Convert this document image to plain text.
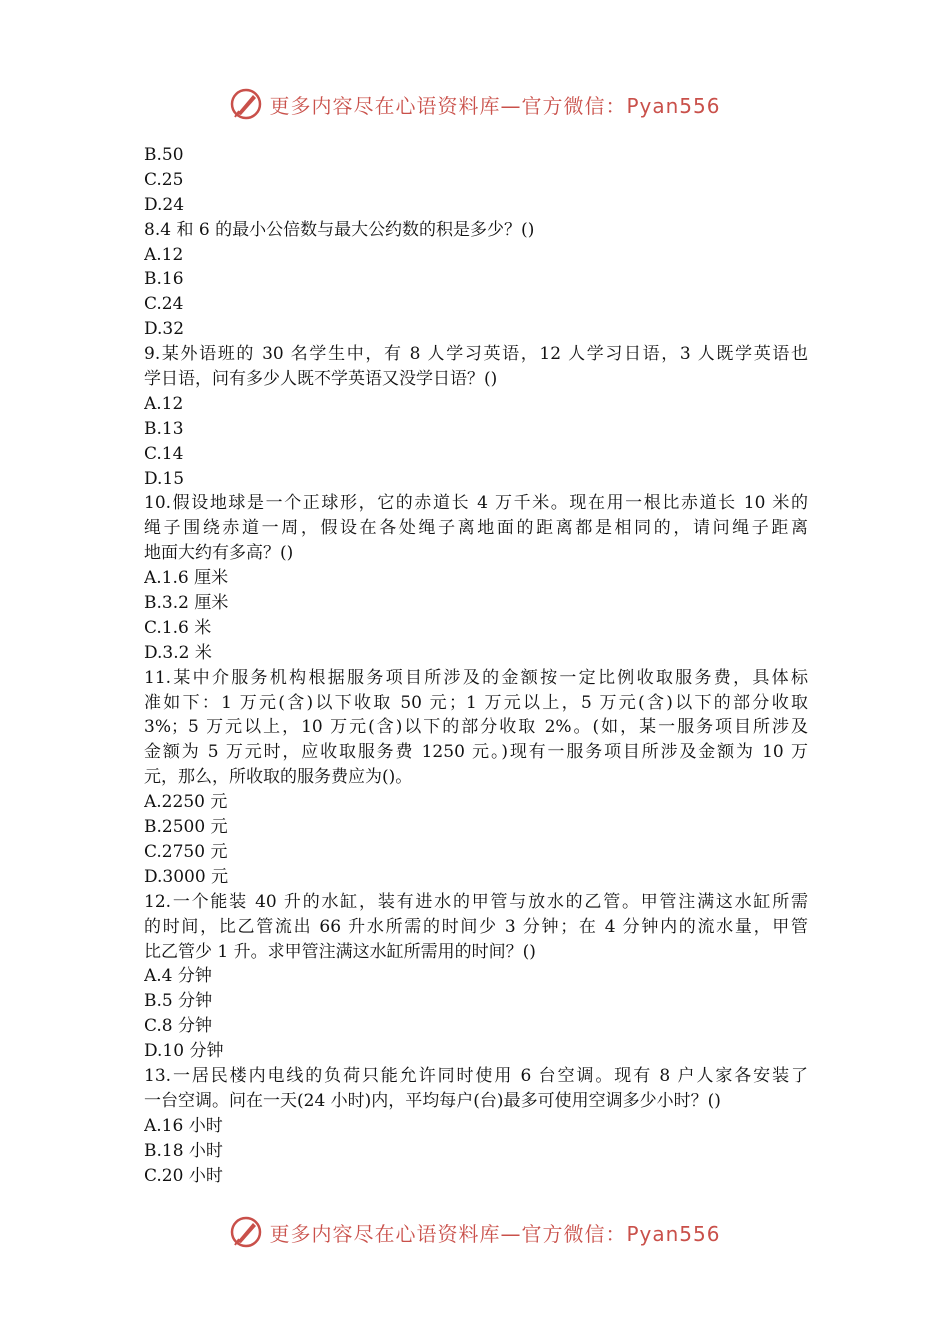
更多内容尽在心语资料库—官方微信：Pyan556
B.50
C.25
D.24
8.4 和 6 的最小公倍数与最大公约数的积是多少？()
A.12
B.16
C.24
D.32
9.某外语班的 30 名学生中，有 8 人学习英语，12 人学习日语，3 人既学英语也
学日语，问有多少人既不学英语又没学日语？()
A.12
B.13
C.14
D.15
10.假设地球是一个正球形，它的赤道长 4 万千米。现在用一根比赤道长 10 米的
绳子围绕赤道一周，假设在各处绳子离地面的距离都是相同的，请问绳子距离
地面大约有多高？()
A.1.6 厘米
B.3.2 厘米
C.1.6 米
D.3.2 米
11.某中介服务机构根据服务项目所涉及的金额按一定比例收取服务费，具体标
准如下：1 万元(含)以下收取 50 元；1 万元以上，5 万元(含)以下的部分收取
3%；5 万元以上，10 万元(含)以下的部分收取 2%。(如，某一服务项目所涉及
金额为 5 万元时，应收取服务费 1250 元。)现有一服务项目所涉及金额为 10 万
元，那么，所收取的服务费应为()。
A.2250 元
B.2500 元
C.2750 元
D.3000 元
12.一个能装 40 升的水缸，装有进水的甲管与放水的乙管。甲管注满这水缸所需
的时间，比乙管流出 66 升水所需的时间少 3 分钟；在 4 分钟内的流水量，甲管
比乙管少 1 升。求甲管注满这水缸所需用的时间？()
A.4 分钟
B.5 分钟
C.8 分钟
D.10 分钟
13.一居民楼内电线的负荷只能允许同时使用 6 台空调。现有 8 户人家各安装了
一台空调。问在一天(24 小时)内，平均每户(台)最多可使用空调多少小时？()
A.16 小时
B.18 小时
C.20 小时
更多内容尽在心语资料库—官方微信：Pyan556
